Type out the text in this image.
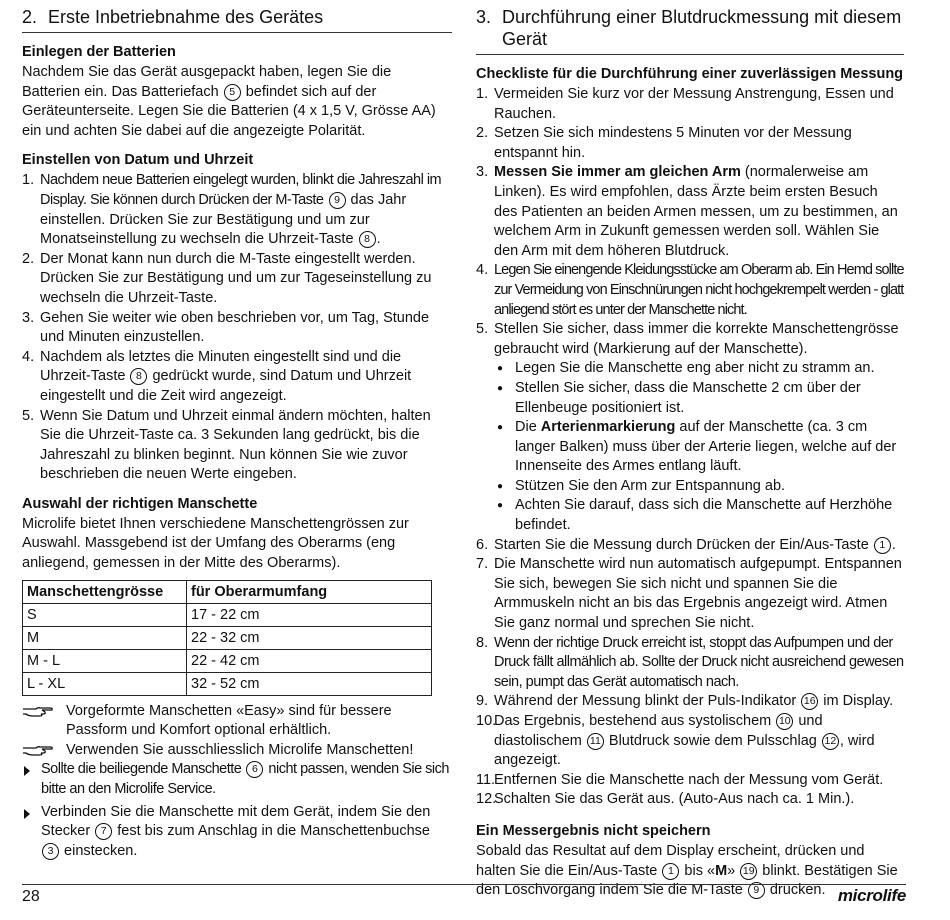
2. Erste Inbetriebnahme des Gerätes
Einlegen der Batterien

Nachdem Sie das Gerät ausgepackt haben, legen Sie die Batterien ein. Das Batteriefach 5 befindet sich auf der Geräteunterseite. Legen Sie die Batterien (4 x 1,5 V, Grösse AA) ein und achten Sie dabei auf die angezeigte Polarität.

Einstellen von Datum und Uhrzeit
1. Nachdem neue Batterien eingelegt wurden, blinkt die Jahreszahl im Display. Sie können durch Drücken der M-Taste 9 das Jahr einstellen. Drücken Sie zur Bestätigung und um zur Monatseinstellung zu wechseln die Uhrzeit-Taste 8 .
2. Der Monat kann nun durch die M-Taste eingestellt werden. Drücken Sie zur Bestätigung und um zur Tageseinstellung zu wechseln die Uhrzeit-Taste.
3. Gehen Sie weiter wie oben beschrieben vor, um Tag, Stunde und Minuten einzustellen.
4. Nachdem als letztes die Minuten eingestellt sind und die Uhrzeit-Taste 8 gedrückt wurde, sind Datum und Uhrzeit eingestellt und die Zeit wird angezeigt.
5. Wenn Sie Datum und Uhrzeit einmal ändern möchten, halten Sie die Uhrzeit-Taste ca. 3 Sekunden lang gedrückt, bis die Jahreszahl zu blinken beginnt. Nun können Sie wie zuvor beschrieben die neuen Werte eingeben.
Auswahl der richtigen Manschette

Microlife bietet Ihnen verschiedene Manschettengrössen zur Auswahl. Massgebend ist der Umfang des Oberarms (eng anliegend, gemessen in der Mitte des Oberarms).

Manschettengrösse	für Oberarmumfang
S	17 - 22 cm
M	22 - 32 cm
M - L	22 - 42 cm
L - XL	32 - 52 cm
Vorgeformte Manschetten «Easy» sind für bessere Passform und Komfort optional erhältlich.
Verwenden Sie ausschliesslich Microlife Manschetten!
Sollte die beiliegende Manschette 6 nicht passen, wenden Sie sich bitte an den Microlife Service.
Verbinden Sie die Manschette mit dem Gerät, indem Sie den Stecker 7 fest bis zum Anschlag in die Manschettenbuchse 3 einstecken.
3. Durchführung einer Blutdruckmessung mit diesem
Gerät
Checkliste für die Durchführung einer zuverlässigen Messung
1. Vermeiden Sie kurz vor der Messung Anstrengung, Essen und Rauchen.
2. Setzen Sie sich mindestens 5 Minuten vor der Messung entspannt hin.
3. Messen Sie immer am gleichen Arm (normalerweise am Linken). Es wird empfohlen, dass Ärzte beim ersten Besuch des Patienten an beiden Armen messen, um zu bestimmen, an welchem Arm in Zukunft gemessen werden soll. Wählen Sie den Arm mit dem höheren Blutdruck.
4. Legen Sie einengende Kleidungsstücke am Oberarm ab. Ein Hemd sollte zur Vermeidung von Einschnürungen nicht hochgekrempelt werden - glatt anliegend stört es unter der Manschette nicht.
5. Stellen Sie sicher, dass immer die korrekte Manschettengrösse gebraucht wird (Markierung auf der Manschette).
● Legen Sie die Manschette eng aber nicht zu stramm an.
● Stellen Sie sicher, dass die Manschette 2 cm über der Ellenbeuge positioniert ist.
● Die Arterienmarkierung auf der Manschette (ca. 3 cm langer Balken) muss über der Arterie liegen, welche auf der Innenseite des Armes entlang läuft.
● Stützen Sie den Arm zur Entspannung ab.
● Achten Sie darauf, dass sich die Manschette auf Herzhöhe befindet.
6. Starten Sie die Messung durch Drücken der Ein/Aus-Taste 1 .
7. Die Manschette wird nun automatisch aufgepumpt. Entspannen Sie sich, bewegen Sie sich nicht und spannen Sie die Armmuskeln nicht an bis das Ergebnis angezeigt wird. Atmen Sie ganz normal und sprechen Sie nicht.
8. Wenn der richtige Druck erreicht ist, stoppt das Aufpumpen und der Druck fällt allmählich ab. Sollte der Druck nicht ausreichend gewesen sein, pumpt das Gerät automatisch nach.
9. Während der Messung blinkt der Puls-Indikator 16 im Display.
10.
Das Ergebnis, bestehend aus systolischem 10 und diastolischem 11 Blutdruck sowie dem Pulsschlag 12 , wird angezeigt.
11.
Entfernen Sie die Manschette nach der Messung vom Gerät.
12.
Schalten Sie das Gerät aus. (Auto-Aus nach ca. 1 Min.).
Ein Messergebnis nicht speichern

Sobald das Resultat auf dem Display erscheint, drücken und halten Sie die Ein/Aus-Taste 1 bis «M» 19 blinkt. Bestätigen Sie den Löschvorgang indem Sie die M-Taste 9 drücken.

28	microlife
